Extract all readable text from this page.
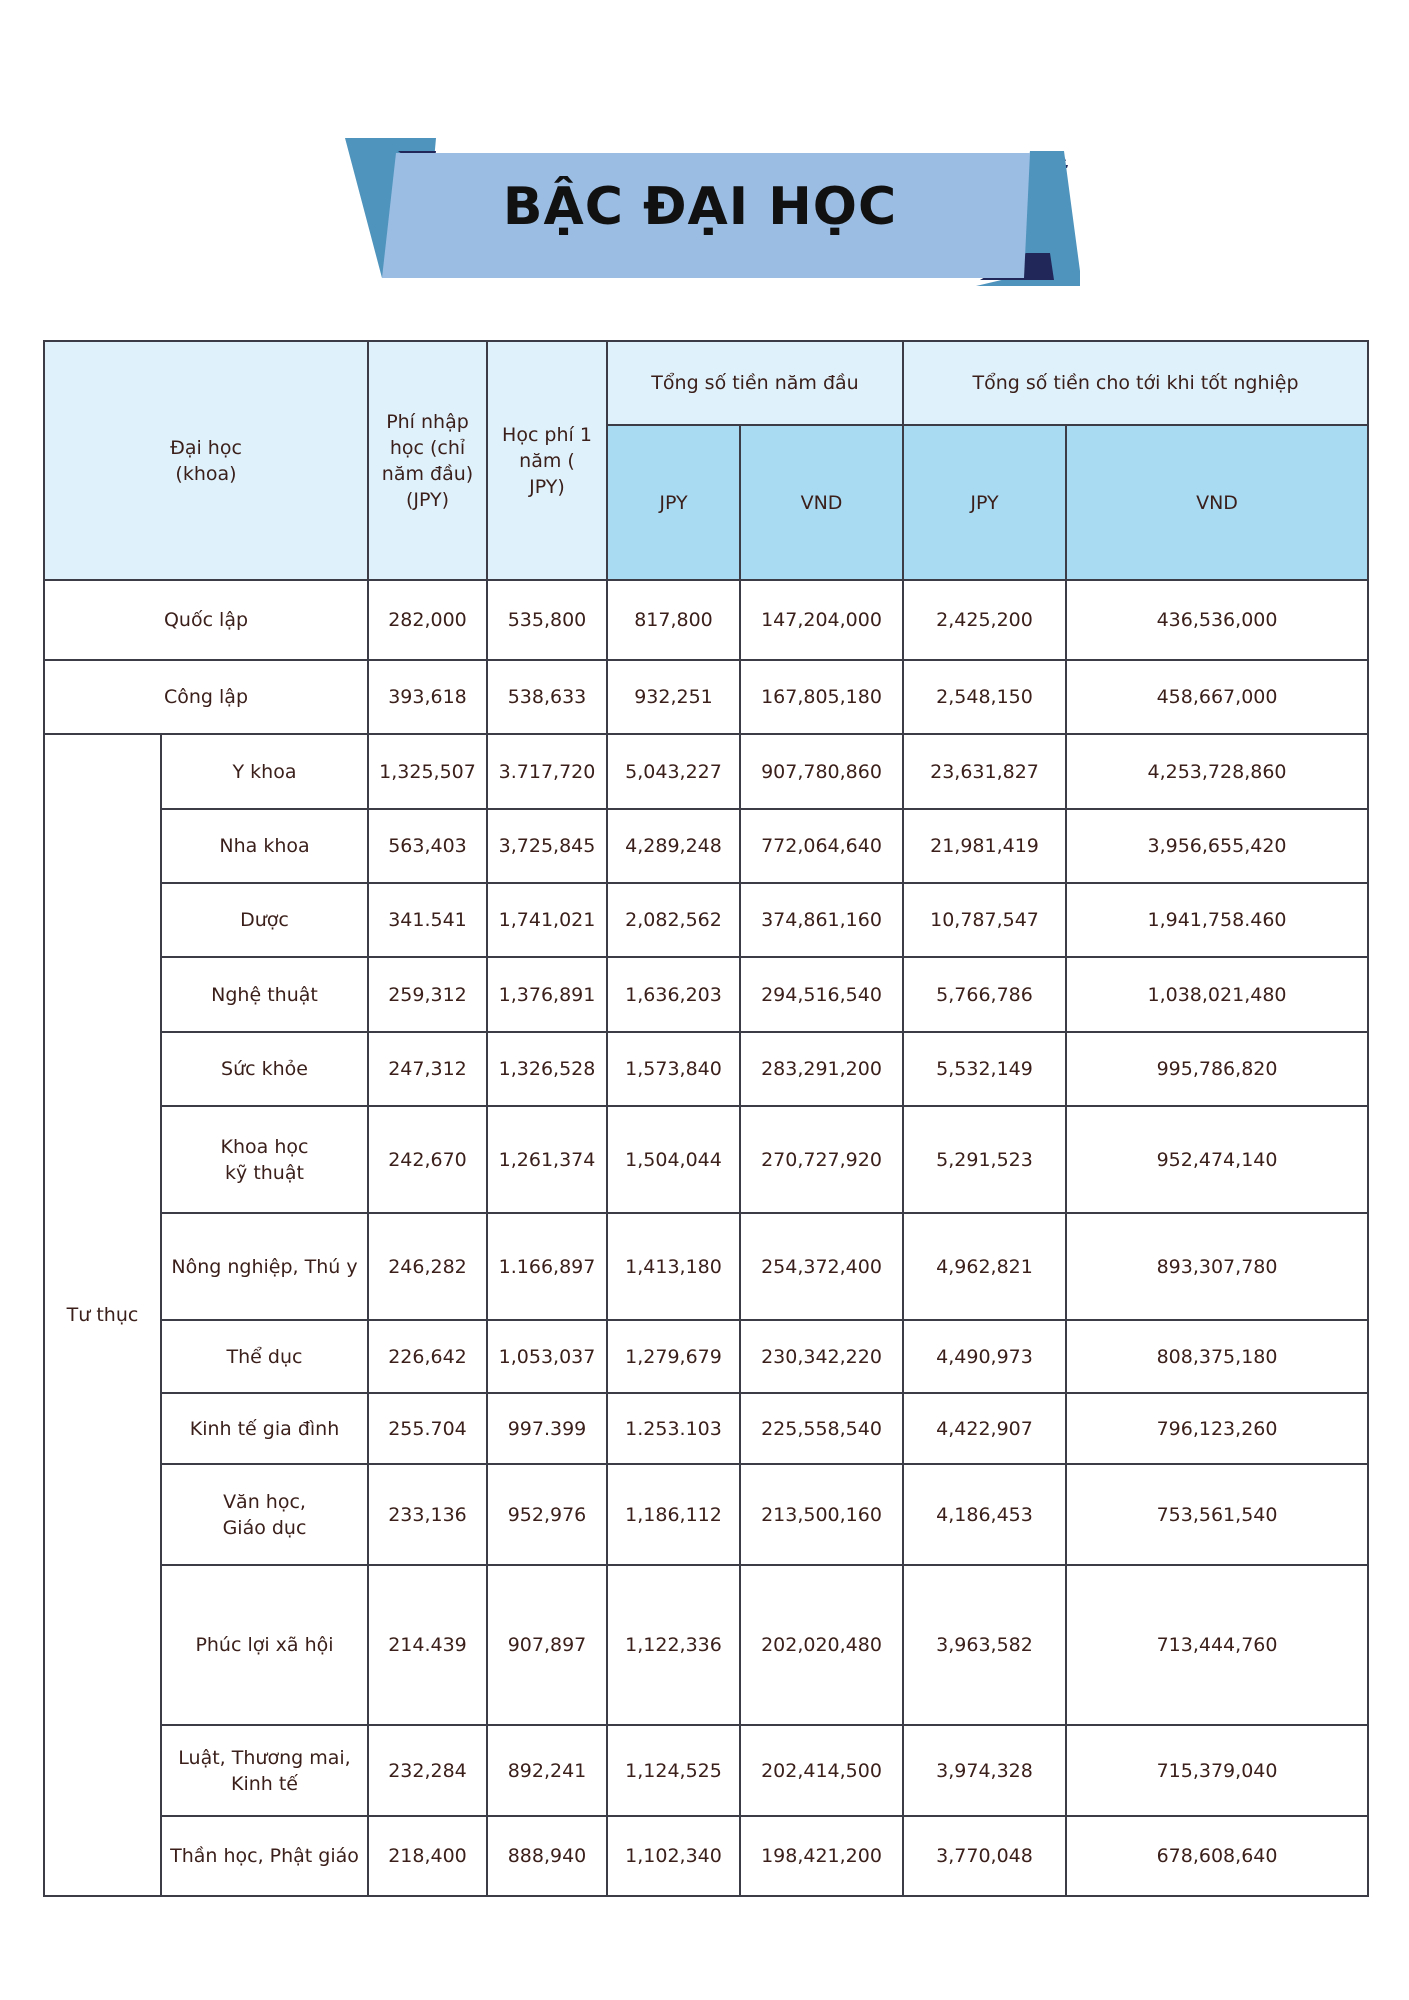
BẬC ĐẠI HỌC
Đại học
(khoa)		Phí nhập
học (chỉ
năm đầu)
(JPY)	Học phí 1
năm (
JPY)	Tổng số tiền năm đầu		Tổng số tiền cho tới khi tốt nghiệp	
				JPY	VND	JPY	VND
Quốc lập		282,000	535,800	817,800	147,204,000	2,425,200	436,536,000
Công lập		393,618	538,633	932,251	167,805,180	2,548,150	458,667,000
Tư thục	Y khoa	1,325,507	3.717,720	5,043,227	907,780,860	23,631,827	4,253,728,860
	Nha khoa	563,403	3,725,845	4,289,248	772,064,640	21,981,419	3,956,655,420
	Dược	341.541	1,741,021	2,082,562	374,861,160	10,787,547	1,941,758.460
	Nghệ thuật	259,312	1,376,891	1,636,203	294,516,540	5,766,786	1,038,021,480
	Sức khỏe	247,312	1,326,528	1,573,840	283,291,200	5,532,149	995,786,820
	Khoa học
kỹ thuật	242,670	1,261,374	1,504,044	270,727,920	5,291,523	952,474,140
	Nông nghiệp, Thú y	246,282	1.166,897	1,413,180	254,372,400	4,962,821	893,307,780
	Thể dục	226,642	1,053,037	1,279,679	230,342,220	4,490,973	808,375,180
	Kinh tế gia đình	255.704	997.399	1.253.103	225,558,540	4,422,907	796,123,260
	Văn học,
Giáo dục	233,136	952,976	1,186,112	213,500,160	4,186,453	753,561,540
	Phúc lợi xã hội	214.439	907,897	1,122,336	202,020,480	3,963,582	713,444,760
	Luật, Thương mai,
Kinh tế	232,284	892,241	1,124,525	202,414,500	3,974,328	715,379,040
	Thần học, Phật giáo	218,400	888,940	1,102,340	198,421,200	3,770,048	678,608,640
